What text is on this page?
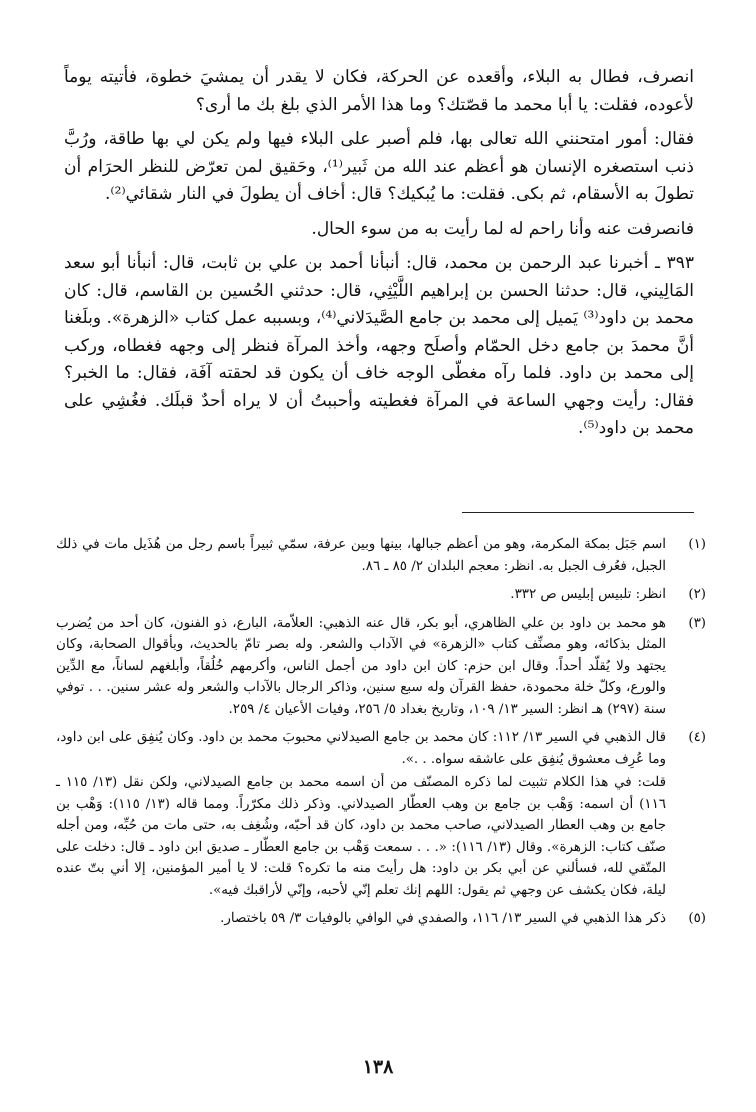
انصرف، فطال به البلاء، وأقعده عن الحركة، فكان لا يقدر أن يمشيَ خطوة، فأتيته يوماً لأعوده، فقلت: يا أبا محمد ما قصّتك؟ وما هذا الأمر الذي بلغ بك ما أرى؟

فقال: أمور امتحنني الله تعالى بها، فلم أصبر على البلاء فيها ولم يكن لي بها طاقة، ورُبَّ ذنب استصغره الإنسان هو أعظم عند الله من ثَبير⁽¹⁾، وحَقيق لمن تعرّض للنظر الحرَام أن تطولَ به الأسقام، ثم بكى. فقلت: ما يُبكيك؟ قال: أخاف أن يطولَ في النار شقائي⁽²⁾.

فانصرفت عنه وأنا راحم له لما رأيت به من سوء الحال.

٣٩٣ ـ أخبرنا عبد الرحمن بن محمد، قال: أنبأنا أحمد بن علي بن ثابت، قال: أنبأنا أبو سعد المَالِيني، قال: حدثنا الحسن بن إبراهيم اللَّيْثِي، قال: حدثني الحُسين بن القاسم، قال: كان محمد بن داود⁽³⁾ يَميل إلى محمد بن جامع الصَّيدَلاني⁽⁴⁾، وبسببه عمل كتاب «الزهرة». وبلَغنا أنَّ محمدَ بن جامع دخل الحمّام وأصلَح وجهه، وأخذ المرآة فنظر إلى وجهه فغطاه، وركب إلى محمد بن داود. فلما رآه مغطّى الوجه خاف أن يكون قد لحقته آفَة، فقال: ما الخبر؟ فقال: رأيت وجهي الساعة في المرآة فغطيته وأحببتُ أن لا يراه أحدٌ قبلَك. فغُشِي على محمد بن داود⁽⁵⁾.

(١)

اسم جَبَل بمكة المكرمة، وهو من أعظم جبالها، بينها وبين عرفة، سمّي ثبيراً باسم رجل من هُذَيل مات في ذلك الجبل، فعُرف الجبل به. انظر: معجم البلدان ٢/ ٨٥ ـ ٨٦.

(٢)

انظر: تلبيس إبليس ص ٣٣٢.

(٣)

هو محمد بن داود بن علي الظاهري، أبو بكر، قال عنه الذهبي: العلاّمة، البارع، ذو الفنون، كان أحد من يُضرب المثل بذكائه، وهو مصنِّف كتاب «الزهرة» في الآداب والشعر. وله بصر تامّ بالحديث، وبأقوال الصحابة، وكان يجتهد ولا يُقلّد أحداً. وقال ابن حزم: كان ابن داود من أجمل الناس، وأكرمهم خُلُقاً، وأبلغهم لساناً، مع الدِّين والورع، وكلّ خلة محمودة، حفظ القرآن وله سبع سنين، وذاكر الرجال بالآداب والشعر وله عشر سنين. . . توفي سنة (٢٩٧) هـ انظر: السير ١٣/ ١٠٩، وتاريخ بغداد ٥/ ٢٥٦، وفيات الأعيان ٤/ ٢٥٩.

(٤)

قال الذهبي في السير ١٣/ ١١٢: كان محمد بن جامع الصيدلاني محبوبَ محمد بن داود. وكان يُنفِق على ابن داود، وما عُرِف معشوق يُنفِق على عاشقه سواه. . .».

قلت: في هذا الكلام تثبيت لما ذكره المصنّف من أن اسمه محمد بن جامع الصيدلاني، ولكن نقل (١٣/ ١١٥ ـ ١١٦) أن اسمه: وَهْب بن جامع بن وهب العطّار الصيدلاني. وذكر ذلك مكرّراً. ومما قاله (١٣/ ١١٥): وَهْب بن جامع بن وهب العطار الصيدلاني، صاحب محمد بن داود، كان قد أحبّه، وشُغِف به، حتى مات من حُبِّه، ومن أجله صنّف كتاب: الزهرة». وقال (١٣/ ١١٦): «. . . سمعت وَهْب بن جامع العطّار ـ صديق ابن داود ـ قال: دخلت على المتّقي لله، فسألني عن أبي بكر بن داود: هل رأيتَ منه ما تكره؟ قلت: لا يا أمير المؤمنين، إلا أني بتّ عنده ليلة، فكان يكشف عن وجهي ثم يقول: اللهم إنك تعلم إنّي لأحبه، وإنّي لأراقبك فيه».

(٥)

ذكر هذا الذهبي في السير ١٣/ ١١٦، والصفدي في الوافي بالوفيات ٣/ ٥٩ باختصار.

١٣٨
